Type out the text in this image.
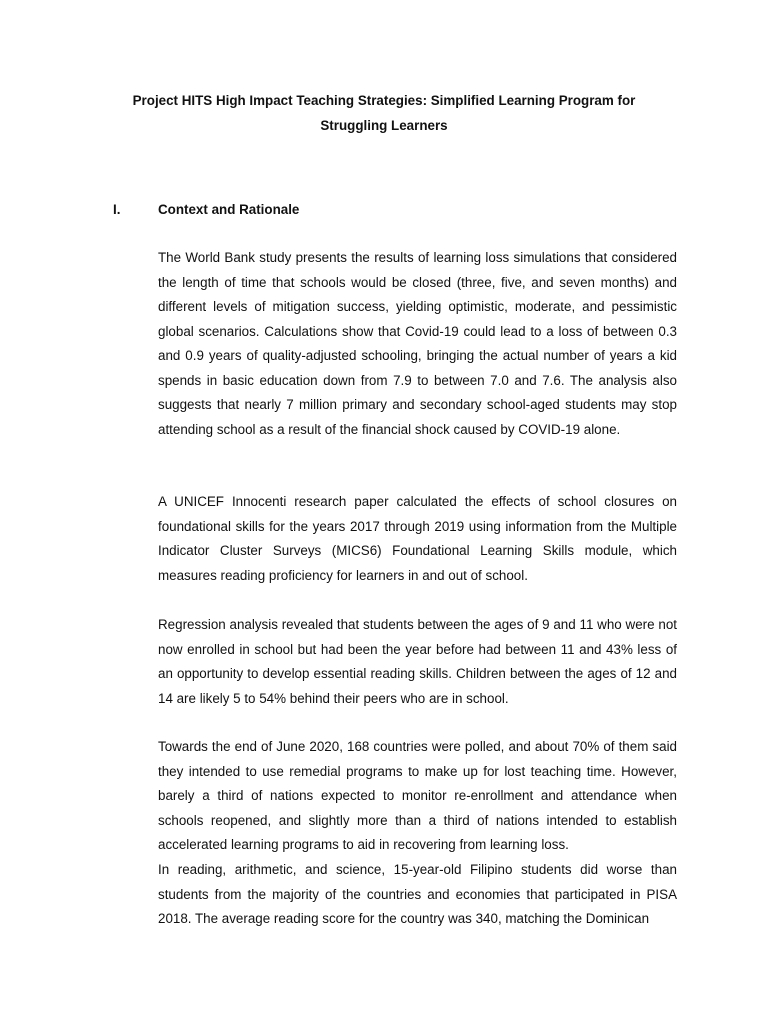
Project HITS High Impact Teaching Strategies: Simplified Learning Program for
Struggling Learners
I.	Context and Rationale

The World Bank study presents the results of learning loss simulations that considered the length of time that schools would be closed (three, five, and seven months) and different levels of mitigation success, yielding optimistic, moderate, and pessimistic global scenarios. Calculations show that Covid-19 could lead to a loss of between 0.3 and 0.9 years of quality-adjusted schooling, bringing the actual number of years a kid spends in basic education down from 7.9 to between 7.0 and 7.6. The analysis also suggests that nearly 7 million primary and secondary school-aged students may stop attending school as a result of the financial shock caused by COVID-19 alone.

A UNICEF Innocenti research paper calculated the effects of school closures on foundational skills for the years 2017 through 2019 using information from the Multiple Indicator Cluster Surveys (MICS6) Foundational Learning Skills module, which measures reading proficiency for learners in and out of school.

Regression analysis revealed that students between the ages of 9 and 11 who were not now enrolled in school but had been the year before had between 11 and 43% less of an opportunity to develop essential reading skills. Children between the ages of 12 and 14 are likely 5 to 54% behind their peers who are in school.

Towards the end of June 2020, 168 countries were polled, and about 70% of them said they intended to use remedial programs to make up for lost teaching time. However, barely a third of nations expected to monitor re-enrollment and attendance when schools reopened, and slightly more than a third of nations intended to establish accelerated learning programs to aid in recovering from learning loss.

In reading, arithmetic, and science, 15-year-old Filipino students did worse than students from the majority of the countries and economies that participated in PISA 2018. The average reading score for the country was 340, matching the Dominican
